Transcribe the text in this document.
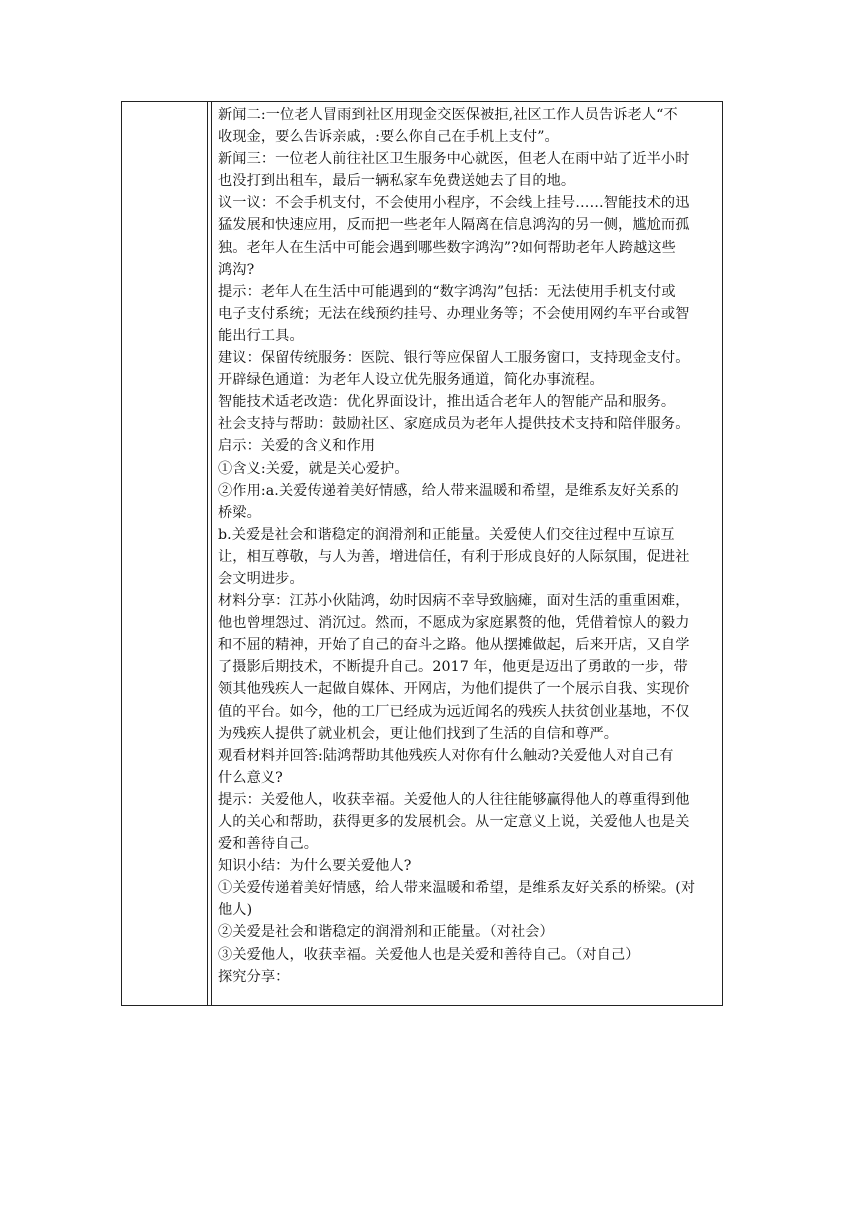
新闻二:一位老人冒雨到社区用现金交医保被拒,社区工作人员告诉老人“不
收现金，要么告诉亲戚，:要么你自己在手机上支付”。
新闻三：一位老人前往社区卫生服务中心就医，但老人在雨中站了近半小时
也没打到出租车，最后一辆私家车免费送她去了目的地。
议一议：不会手机支付，不会使用小程序，不会线上挂号……智能技术的迅
猛发展和快速应用，反而把一些老年人隔离在信息鸿沟的另一侧，尴尬而孤
独。老年人在生活中可能会遇到哪些数字鸿沟”?如何帮助老年人跨越这些
鸿沟?
提示：老年人在生活中可能遇到的“数字鸿沟”包括：无法使用手机支付或
电子支付系统；无法在线预约挂号、办理业务等；不会使用网约车平台或智
能出行工具。
建议：保留传统服务：医院、银行等应保留人工服务窗口，支持现金支付。
开辟绿色通道：为老年人设立优先服务通道，简化办事流程。
智能技术适老改造：优化界面设计，推出适合老年人的智能产品和服务。
社会支持与帮助：鼓励社区、家庭成员为老年人提供技术支持和陪伴服务。
启示：关爱的含义和作用
①含义:关爱，就是关心爱护。
②作用:a.关爱传递着美好情感，给人带来温暖和希望，是维系友好关系的
桥梁。
b.关爱是社会和谐稳定的润滑剂和正能量。关爱使人们交往过程中互谅互
让，相互尊敬，与人为善，增进信任，有利于形成良好的人际氛围，促进社
会文明进步。
材料分享：江苏小伙陆鸿，幼时因病不幸导致脑瘫，面对生活的重重困难，
他也曾埋怨过、消沉过。然而，不愿成为家庭累赘的他，凭借着惊人的毅力
和不屈的精神，开始了自己的奋斗之路。他从摆摊做起，后来开店，又自学
了摄影后期技术，不断提升自己。2017 年，他更是迈出了勇敢的一步，带
领其他残疾人一起做自媒体、开网店，为他们提供了一个展示自我、实现价
值的平台。如今，他的工厂已经成为远近闻名的残疾人扶贫创业基地，不仅
为残疾人提供了就业机会，更让他们找到了生活的自信和尊严。
观看材料并回答:陆鸿帮助其他残疾人对你有什么触动?关爱他人对自己有
什么意义?
提示：关爱他人，收获幸福。关爱他人的人往往能够赢得他人的尊重得到他
人的关心和帮助，获得更多的发展机会。从一定意义上说，关爱他人也是关
爱和善待自己。
知识小结：为什么要关爱他人?
①关爱传递着美好情感，给人带来温暖和希望，是维系友好关系的桥梁。(对
他人)
②关爱是社会和谐稳定的润滑剂和正能量。（对社会）
③关爱他人，收获幸福。关爱他人也是关爱和善待自己。（对自己）
探究分享：
